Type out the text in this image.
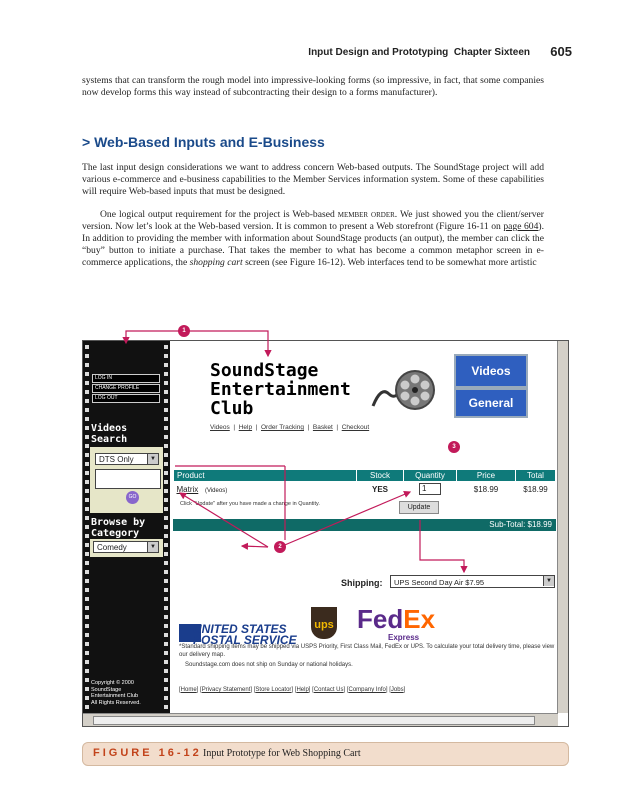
Input Design and Prototyping Chapter Sixteen 605
systems that can transform the rough model into impressive-looking forms (so impressive, in fact, that some companies now develop forms this way instead of subcontracting their design to a forms manufacturer).
> Web-Based Inputs and E-Business
The last input design considerations we want to address concern Web-based outputs. The SoundStage project will add various e-commerce and e-business capabilities to the Member Services information system. Some of these capabilities will require Web-based inputs that must be designed.
One logical output requirement for the project is Web-based member order. We just showed you the client/server version. Now let’s look at the Web-based version. It is common to present a Web storefront (Figure 16-11 on page 604). In addition to providing the member with information about SoundStage products (an output), the member can click the “buy” button to initiate a purchase. That takes the member to what has become a common metaphor screen in e-commerce applications, the shopping cart screen (see Figure 16-12). Web interfaces tend to be somewhat more artistic
LOG IN
CHANGE PROFILE
LOG OUT
Videos
Search
DTS Only	▼
GO
Browse by
Category
Comedy	▼
Copyright © 2000
SoundStage
Entertainment Club
All Rights Reserved.
SoundStage
Entertainment
Club
Videos
General
Videos  |  Help  |  Order Tracking  |  Basket  |  Checkout
Product	Stock	Quantity	Price	Total
Matrix (Videos)	YES	1	$18.99	$18.99
Click "Update" after you have made a change in Quantity.	Update
Sub-Total: $18.99
Shipping:	UPS Second Day Air $7.95	▼
UNITED STATES
POSTAL SERVICE
ups FedEx
Express
*Standard shipping items may be shipped via USPS Priority, First Class Mail, FedEx or UPS. To calculate your total delivery time, please view our delivery map.
Soundstage.com does not ship on Sunday or national holidays.
[Home] [Privacy Statement] [Store Locator] [Help] [Contact Us] [Company Info] [Jobs]
1
2
3
FIGURE 16-12 Input Prototype for Web Shopping Cart
